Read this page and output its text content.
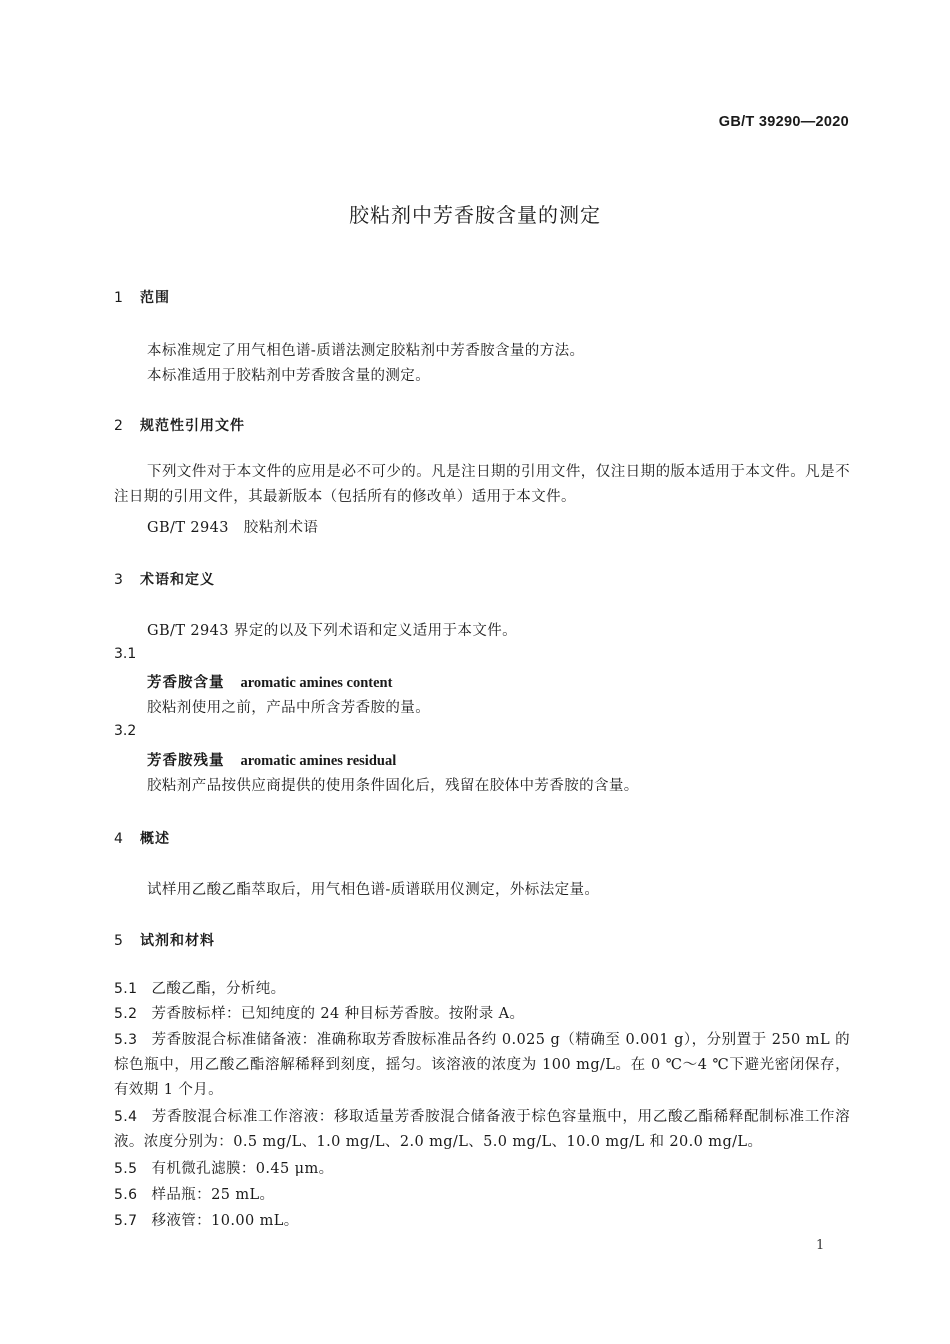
GB/T 39290—2020
胶粘剂中芳香胺含量的测定
1 范围
本标准规定了用气相色谱-质谱法测定胶粘剂中芳香胺含量的方法。
本标准适用于胶粘剂中芳香胺含量的测定。
2 规范性引用文件
下列文件对于本文件的应用是必不可少的。凡是注日期的引用文件，仅注日期的版本适用于本文件。凡是不注日期的引用文件，其最新版本（包括所有的修改单）适用于本文件。
GB/T 2943　胶粘剂术语
3 术语和定义
GB/T 2943 界定的以及下列术语和定义适用于本文件。
3.1
芳香胺含量 aromatic amines content
胶粘剂使用之前，产品中所含芳香胺的量。
3.2
芳香胺残量 aromatic amines residual
胶粘剂产品按供应商提供的使用条件固化后，残留在胶体中芳香胺的含量。
4 概述
试样用乙酸乙酯萃取后，用气相色谱-质谱联用仪测定，外标法定量。
5 试剂和材料
5.1 乙酸乙酯，分析纯。
5.2 芳香胺标样：已知纯度的 24 种目标芳香胺。按附录 A。
5.3 芳香胺混合标准储备液：准确称取芳香胺标准品各约 0.025 g（精确至 0.001 g），分别置于 250 mL 的棕色瓶中，用乙酸乙酯溶解稀释到刻度，摇匀。该溶液的浓度为 100 mg/L。在 0 ℃～4 ℃下避光密闭保存，有效期 1 个月。
5.4 芳香胺混合标准工作溶液：移取适量芳香胺混合储备液于棕色容量瓶中，用乙酸乙酯稀释配制标准工作溶液。浓度分别为：0.5 mg/L、1.0 mg/L、2.0 mg/L、5.0 mg/L、10.0 mg/L 和 20.0 mg/L。
5.5 有机微孔滤膜：0.45 μm。
5.6 样品瓶：25 mL。
5.7 移液管：10.00 mL。
1
